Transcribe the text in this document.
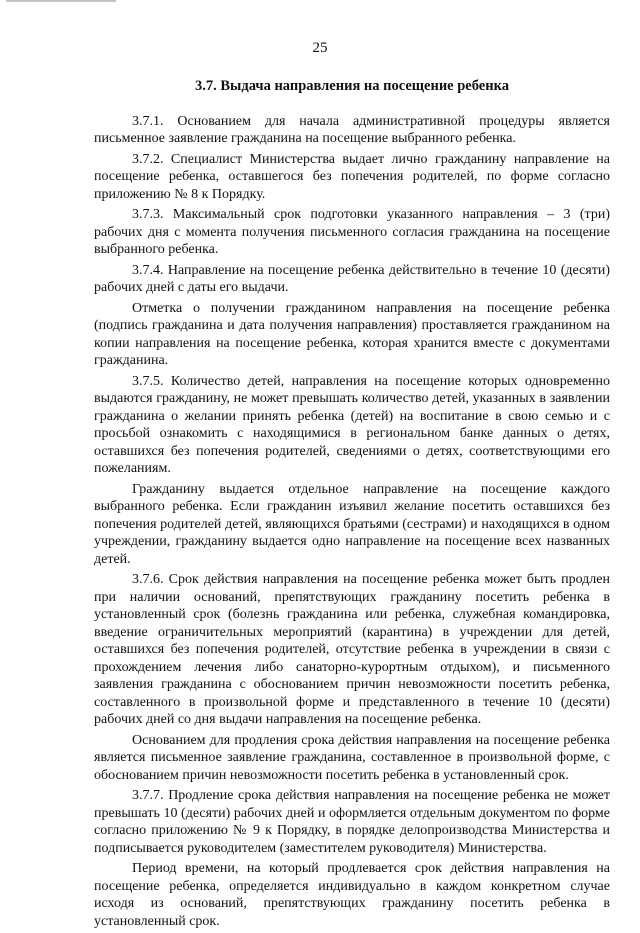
25
3.7. Выдача направления на посещение ребенка

3.7.1. Основанием для начала административной процедуры является письменное заявление гражданина на посещение выбранного ребенка.

3.7.2. Специалист Министерства выдает лично гражданину направление на посещение ребенка, оставшегося без попечения родителей, по форме согласно приложению № 8 к Порядку.

3.7.3. Максимальный срок подготовки указанного направления – 3 (три) рабочих дня с момента получения письменного согласия гражданина на посещение выбранного ребенка.

3.7.4. Направление на посещение ребенка действительно в течение 10 (десяти) рабочих дней с даты его выдачи.

Отметка о получении гражданином направления на посещение ребенка (подпись гражданина и дата получения направления) проставляется гражданином на копии направления на посещение ребенка, которая хранится вместе с документами гражданина.

3.7.5. Количество детей, направления на посещение которых одновременно выдаются гражданину, не может превышать количество детей, указанных в заявлении гражданина о желании принять ребенка (детей) на воспитание в свою семью и с просьбой ознакомить с находящимися в региональном банке данных о детях, оставшихся без попечения родителей, сведениями о детях, соответствующими его пожеланиям.

Гражданину выдается отдельное направление на посещение каждого выбранного ребенка. Если гражданин изъявил желание посетить оставшихся без попечения родителей детей, являющихся братьями (сестрами) и находящихся в одном учреждении, гражданину выдается одно направление на посещение всех названных детей.

3.7.6. Срок действия направления на посещение ребенка может быть продлен при наличии оснований, препятствующих гражданину посетить ребенка в установленный срок (болезнь гражданина или ребенка, служебная командировка, введение ограничительных мероприятий (карантина) в учреждении для детей, оставшихся без попечения родителей, отсутствие ребенка в учреждении в связи с прохождением лечения либо санаторно-курортным отдыхом), и письменного заявления гражданина с обоснованием причин невозможности посетить ребенка, составленного в произвольной форме и представленного в течение 10 (десяти) рабочих дней со дня выдачи направления на посещение ребенка.

Основанием для продления срока действия направления на посещение ребенка является письменное заявление гражданина, составленное в произвольной форме, с обоснованием причин невозможности посетить ребенка в установленный срок.

3.7.7. Продление срока действия направления на посещение ребенка не может превышать 10 (десяти) рабочих дней и оформляется отдельным документом по форме согласно приложению № 9 к Порядку, в порядке делопроизводства Министерства и подписывается руководителем (заместителем руководителя) Министерства.

Период времени, на который продлевается срок действия направления на посещение ребенка, определяется индивидуально в каждом конкретном случае исходя из оснований, препятствующих гражданину посетить ребенка в установленный срок.
